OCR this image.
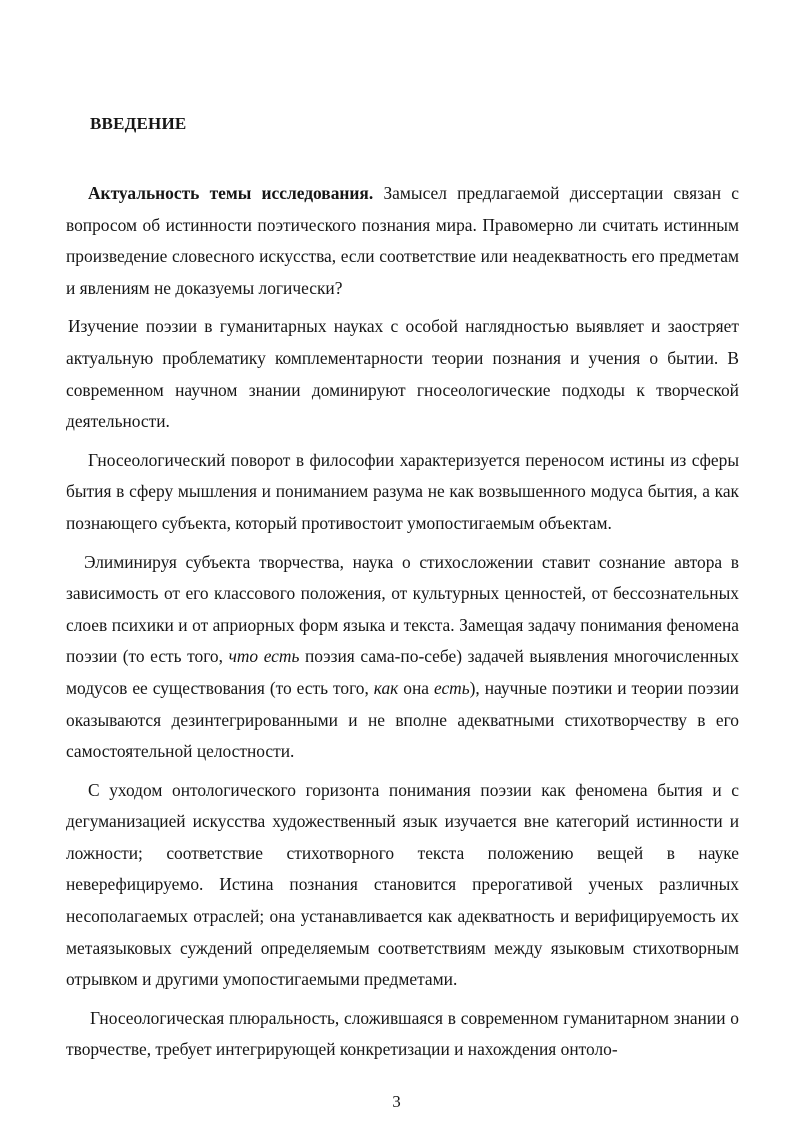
ВВЕДЕНИЕ

Актуальность темы исследования. Замысел предлагаемой диссертации связан с вопросом об истинности поэтического познания мира. Правомерно ли считать истинным произведение словесного искусства, если соответствие или неадекватность его предметам и явлениям не доказуемы логически?

Изучение поэзии в гуманитарных науках с особой наглядностью выявляет и заостряет актуальную проблематику комплементарности теории познания и учения о бытии. В современном научном знании доминируют гносеологические подходы к творческой деятельности.

Гносеологический поворот в философии характеризуется переносом истины из сферы бытия в сферу мышления и пониманием разума не как возвышенного модуса бытия, а как познающего субъекта, который противостоит умопостигаемым объектам.

Элиминируя субъекта творчества, наука о стихосложении ставит сознание автора в зависимость от его классового положения, от культурных ценностей, от бессознательных слоев психики и от априорных форм языка и текста. Замещая задачу понимания феномена поэзии (то есть того, что есть поэзия сама-по-себе) задачей выявления многочисленных модусов ее существования (то есть того, как она есть), научные поэтики и теории поэзии оказываются дезинтегрированными и не вполне адекватными стихотворчеству в его самостоятельной целостности.

С уходом онтологического горизонта понимания поэзии как феномена бытия и с дегуманизацией искусства художественный язык изучается вне категорий истинности и ложности; соответствие стихотворного текста положению вещей в науке неверефицируемо. Истина познания становится прерогативой ученых различных несополагаемых отраслей; она устанавливается как адекватность и верифицируемость их метаязыковых суждений определяемым соответствиям между языковым стихотворным отрывком и другими умопостигаемыми предметами.

Гносеологическая плюральность, сложившаяся в современном гуманитарном знании о творчестве, требует интегрирующей конкретизации и нахождения онтоло-

3
